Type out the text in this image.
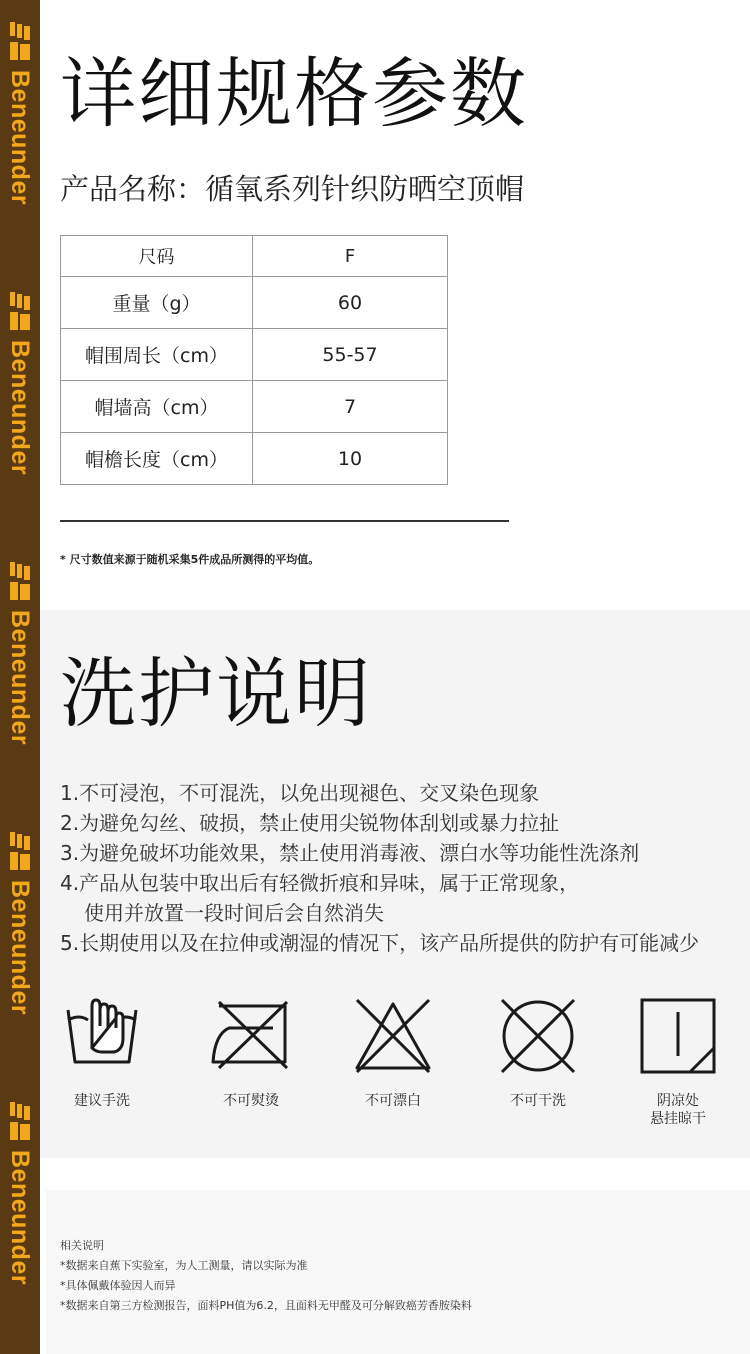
Beneunder
Beneunder
Beneunder
Beneunder
Beneunder
详细规格参数
产品名称：循氧系列针织防晒空顶帽
尺码	F
重量（g）	60
帽围周长（cm）	55-57
帽墙高（cm）	7
帽檐长度（cm）	10
* 尺寸数值来源于随机采集5件成品所测得的平均值。
洗护说明
1.不可浸泡，不可混洗，以免出现褪色、交叉染色现象
2.为避免勾丝、破损，禁止使用尖锐物体刮划或暴力拉扯
3.为避免破坏功能效果，禁止使用消毒液、漂白水等功能性洗涤剂
4.产品从包装中取出后有轻微折痕和异味，属于正常现象，
使用并放置一段时间后会自然消失
5.长期使用以及在拉伸或潮湿的情况下，该产品所提供的防护有可能减少
建议手洗	不可熨烫	不可漂白	不可干洗	阴凉处
悬挂晾干
相关说明
*数据来自蕉下实验室，为人工测量，请以实际为准
*具体佩戴体验因人而异
*数据来自第三方检测报告，面料PH值为6.2，且面料无甲醛及可分解致癌芳香胺染料
